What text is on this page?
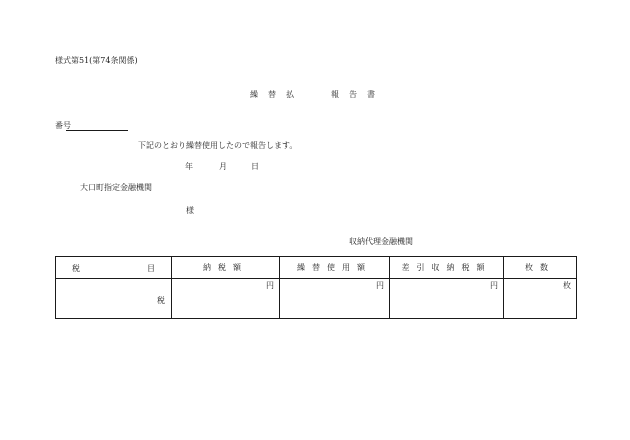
様式第51(第74条関係)
繰替払	報告書
番号
下記のとおり繰替使用したので報告します。
年	月	日
大口町指定金融機関
様
収納代理金融機関
税 目	納税額	繰替使用額	差引収納税額	枚数

税	円	円	円	枚
